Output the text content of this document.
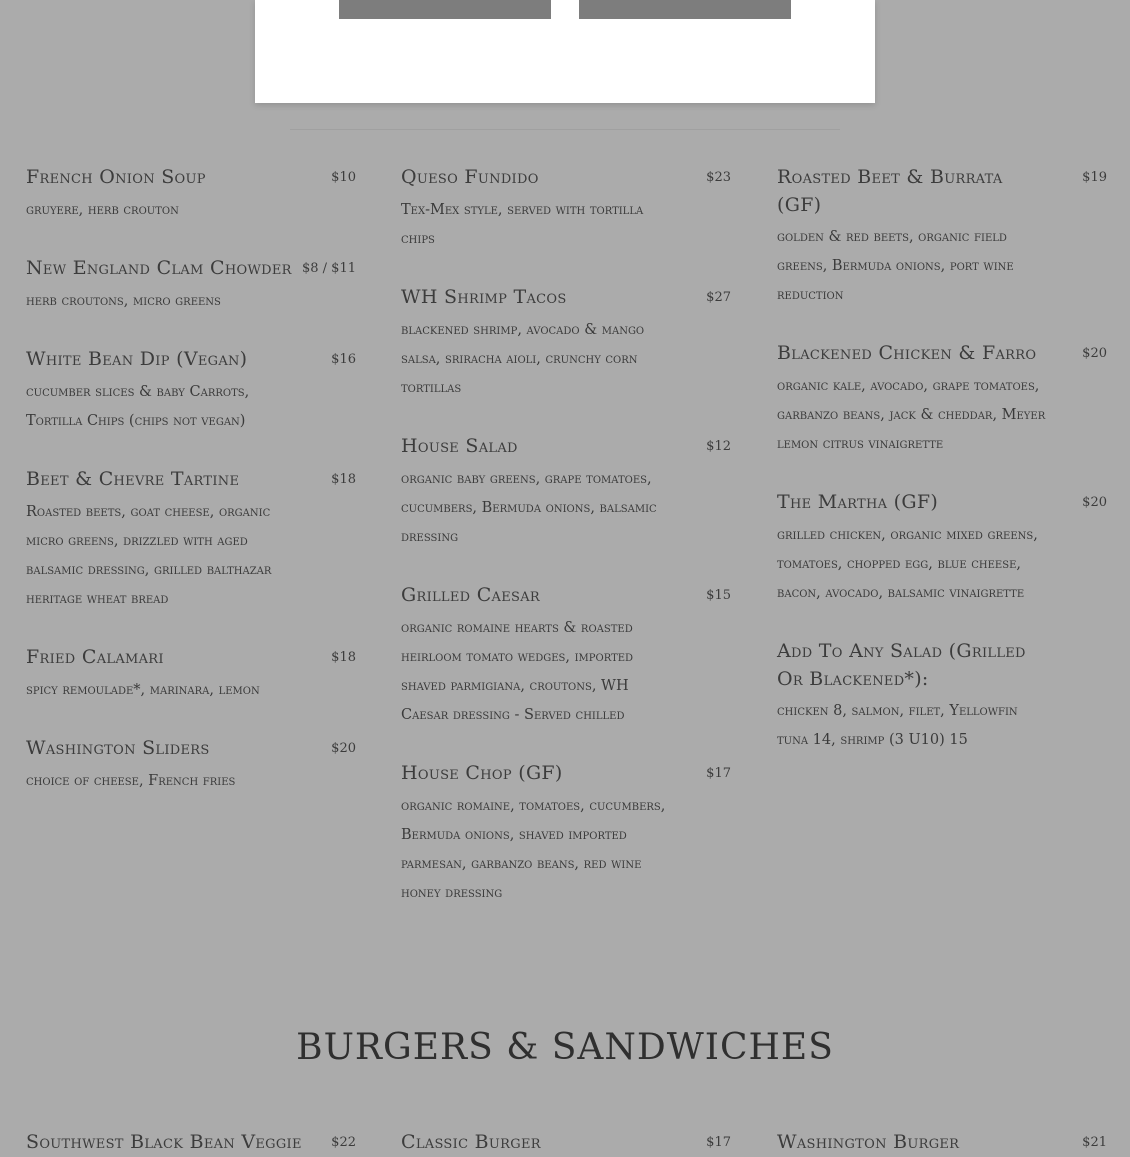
French Onion Soup	$10
gruyere, herb crouton
New England Clam Chowder $8 / $11
herb croutons, micro greens
White Bean Dip (Vegan)	$16
cucumber slices & baby Carrots, Tortilla Chips (chips not vegan)
Beet & Chevre Tartine	$18
Roasted beets, goat cheese, organic micro greens, drizzled with aged balsamic dressing, grilled balthazar heritage wheat bread
Fried Calamari	$18
spicy remoulade*, marinara, lemon
Washington Sliders	$20
choice of cheese, French fries
Queso Fundido	$23
Tex-Mex style, served with tortilla chips
WH Shrimp Tacos	$27
blackened shrimp, avocado & mango salsa, sriracha aioli, crunchy corn tortillas
House Salad	$12
organic baby greens, grape tomatoes, cucumbers, Bermuda onions, balsamic dressing
Grilled Caesar	$15
organic romaine hearts & roasted heirloom tomato wedges, imported shaved parmigiana, croutons, WH Caesar dressing - Served chilled
House Chop (GF)	$17
organic romaine, tomatoes, cucumbers, Bermuda onions, shaved imported parmesan, garbanzo beans, red wine honey dressing
Roasted Beet & Burrata (GF)
$19
golden & red beets, organic field greens, Bermuda onions, port wine reduction
Blackened Chicken & Farro	$20
organic kale, avocado, grape tomatoes, garbanzo beans, jack & cheddar, Meyer lemon citrus vinaigrette
The Martha (GF)	$20
grilled chicken, organic mixed greens, tomatoes, chopped egg, blue cheese, bacon, avocado, balsamic vinaigrette
Add To Any Salad (Grilled Or Blackened*):
chicken 8, salmon, filet, Yellowfin tuna 14, shrimp (3 U10) 15
BURGERS & SANDWICHES
Southwest Black Bean Veggie $22 Classic Burger	$17 Washington Burger	$21
